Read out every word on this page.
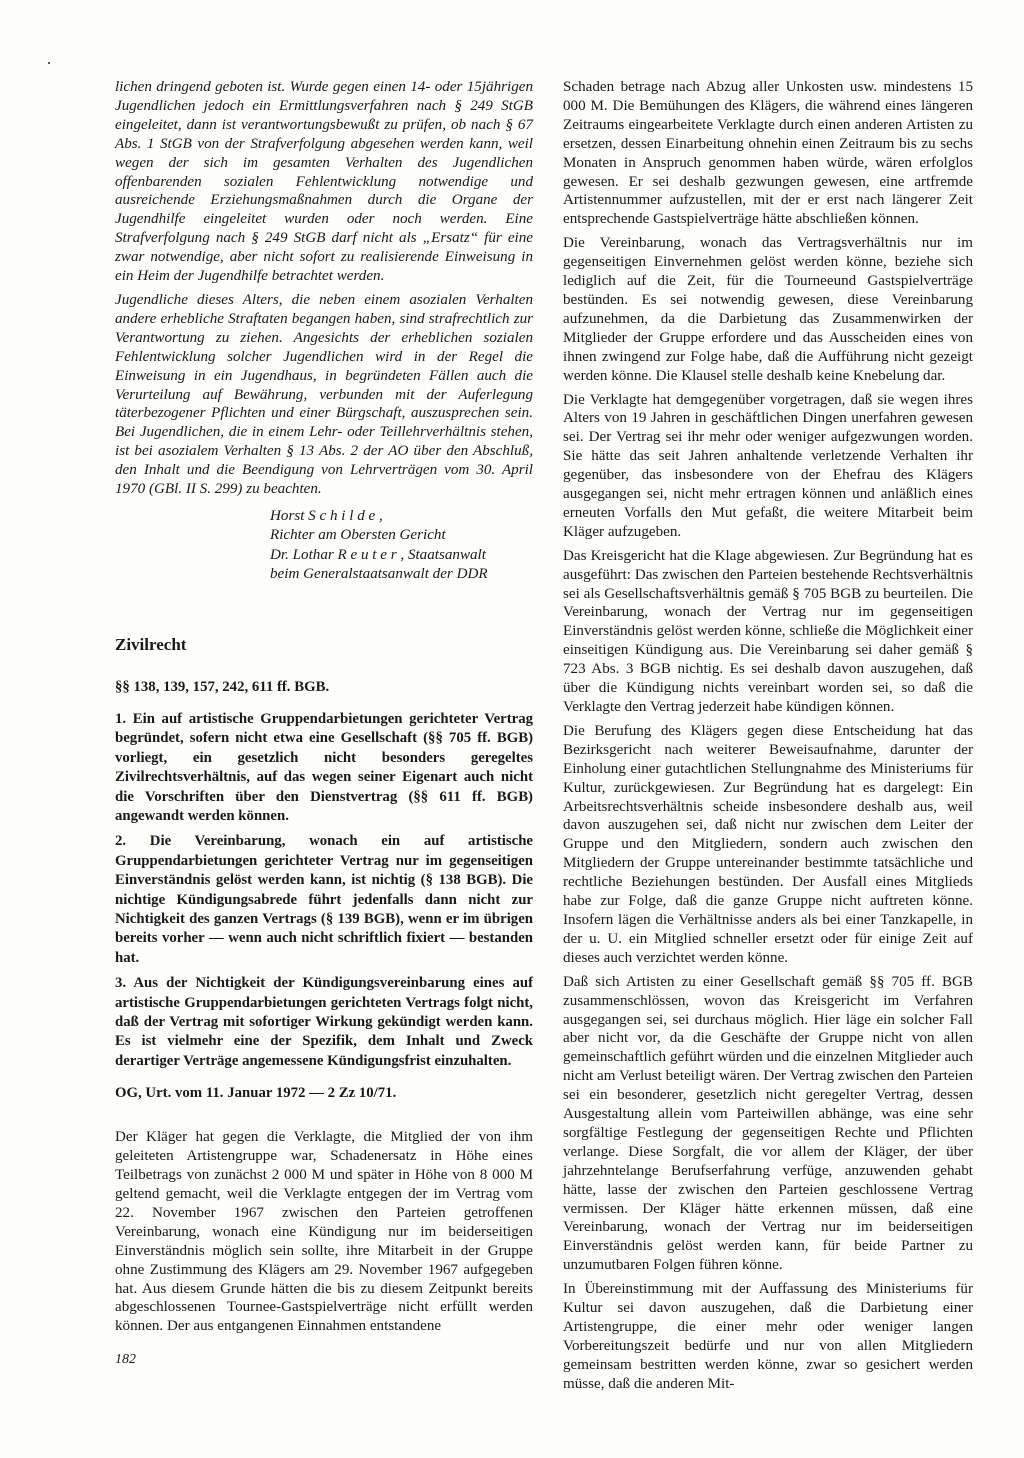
lichen dringend geboten ist. Wurde gegen einen 14- oder 15jährigen Jugendlichen jedoch ein Ermittlungsverfahren nach § 249 StGB eingeleitet, dann ist verantwortungsbewußt zu prüfen, ob nach § 67 Abs. 1 StGB von der Strafverfolgung abgesehen werden kann, weil wegen der sich im gesamten Verhalten des Jugendlichen offenbarenden sozialen Fehlentwicklung notwendige und ausreichende Erziehungsmaßnahmen durch die Organe der Jugendhilfe eingeleitet wurden oder noch werden. Eine Strafverfolgung nach § 249 StGB darf nicht als „Ersatz“ für eine zwar notwendige, aber nicht sofort zu realisierende Einweisung in ein Heim der Jugendhilfe betrachtet werden.

Jugendliche dieses Alters, die neben einem asozialen Verhalten andere erhebliche Straftaten begangen haben, sind strafrechtlich zur Verantwortung zu ziehen. Angesichts der erheblichen sozialen Fehlentwicklung solcher Jugendlichen wird in der Regel die Einweisung in ein Jugendhaus, in begründeten Fällen auch die Verurteilung auf Bewährung, verbunden mit der Auferlegung täterbezogener Pflichten und einer Bürgschaft, auszusprechen sein. Bei Jugendlichen, die in einem Lehr- oder Teillehrverhältnis stehen, ist bei asozialem Verhalten § 13 Abs. 2 der AO über den Abschluß, den Inhalt und die Beendigung von Lehrverträgen vom 30. April 1970 (GBl. II S. 299) zu beachten.

Horst S c h i l d e ,
Richter am Obersten Gericht
Dr. Lothar R e u t e r , Staatsanwalt
beim Generalstaatsanwalt der DDR
Zivilrecht
§§ 138, 139, 157, 242, 611 ff. BGB.

1. Ein auf artistische Gruppendarbietungen gerichteter Vertrag begründet, sofern nicht etwa eine Gesellschaft (§§ 705 ff. BGB) vorliegt, ein gesetzlich nicht besonders geregeltes Zivilrechtsverhältnis, auf das wegen seiner Eigenart auch nicht die Vorschriften über den Dienstvertrag (§§ 611 ff. BGB) angewandt werden können.

2. Die Vereinbarung, wonach ein auf artistische Gruppendarbietungen gerichteter Vertrag nur im gegenseitigen Einverständnis gelöst werden kann, ist nichtig (§ 138 BGB). Die nichtige Kündigungsabrede führt jedenfalls dann nicht zur Nichtigkeit des ganzen Vertrags (§ 139 BGB), wenn er im übrigen bereits vorher — wenn auch nicht schriftlich fixiert — bestanden hat.

3. Aus der Nichtigkeit der Kündigungsvereinbarung eines auf artistische Gruppendarbietungen gerichteten Vertrags folgt nicht, daß der Vertrag mit sofortiger Wirkung gekündigt werden kann. Es ist vielmehr eine der Spezifik, dem Inhalt und Zweck derartiger Verträge angemessene Kündigungsfrist einzuhalten.

OG, Urt. vom 11. Januar 1972 — 2 Zz 10/71.

Der Kläger hat gegen die Verklagte, die Mitglied der von ihm geleiteten Artistengruppe war, Schadenersatz in Höhe eines Teilbetrags von zunächst 2 000 M und später in Höhe von 8 000 M geltend gemacht, weil die Verklagte entgegen der im Vertrag vom 22. November 1967 zwischen den Parteien getroffenen Vereinbarung, wonach eine Kündigung nur im beiderseitigen Einverständnis möglich sein sollte, ihre Mitarbeit in der Gruppe ohne Zustimmung des Klägers am 29. November 1967 aufgegeben hat. Aus diesem Grunde hätten die bis zu diesem Zeitpunkt bereits abgeschlossenen Tournee-Gastspielverträge nicht erfüllt werden können. Der aus entgangenen Einnahmen entstandene

Schaden betrage nach Abzug aller Unkosten usw. mindestens 15 000 M. Die Bemühungen des Klägers, die während eines längeren Zeitraums eingearbeitete Verklagte durch einen anderen Artisten zu ersetzen, dessen Einarbeitung ohnehin einen Zeitraum bis zu sechs Monaten in Anspruch genommen haben würde, wären erfolglos gewesen. Er sei deshalb gezwungen gewesen, eine artfremde Artistennummer aufzustellen, mit der er erst nach längerer Zeit entsprechende Gastspielverträge hätte abschließen können.

Die Vereinbarung, wonach das Vertragsverhältnis nur im gegenseitigen Einvernehmen gelöst werden könne, beziehe sich lediglich auf die Zeit, für die Tourneeund Gastspielverträge bestünden. Es sei notwendig gewesen, diese Vereinbarung aufzunehmen, da die Darbietung das Zusammenwirken der Mitglieder der Gruppe erfordere und das Ausscheiden eines von ihnen zwingend zur Folge habe, daß die Aufführung nicht gezeigt werden könne. Die Klausel stelle deshalb keine Knebelung dar.

Die Verklagte hat demgegenüber vorgetragen, daß sie wegen ihres Alters von 19 Jahren in geschäftlichen Dingen unerfahren gewesen sei. Der Vertrag sei ihr mehr oder weniger aufgezwungen worden. Sie hätte das seit Jahren anhaltende verletzende Verhalten ihr gegenüber, das insbesondere von der Ehefrau des Klägers ausgegangen sei, nicht mehr ertragen können und anläßlich eines erneuten Vorfalls den Mut gefaßt, die weitere Mitarbeit beim Kläger aufzugeben.

Das Kreisgericht hat die Klage abgewiesen. Zur Begründung hat es ausgeführt: Das zwischen den Parteien bestehende Rechtsverhältnis sei als Gesellschaftsverhältnis gemäß § 705 BGB zu beurteilen. Die Vereinbarung, wonach der Vertrag nur im gegenseitigen Einverständnis gelöst werden könne, schließe die Möglichkeit einer einseitigen Kündigung aus. Die Vereinbarung sei daher gemäß § 723 Abs. 3 BGB nichtig. Es sei deshalb davon auszugehen, daß über die Kündigung nichts vereinbart worden sei, so daß die Verklagte den Vertrag jederzeit habe kündigen können.

Die Berufung des Klägers gegen diese Entscheidung hat das Bezirksgericht nach weiterer Beweisaufnahme, darunter der Einholung einer gutachtlichen Stellungnahme des Ministeriums für Kultur, zurückgewiesen. Zur Begründung hat es dargelegt: Ein Arbeitsrechtsverhältnis scheide insbesondere deshalb aus, weil davon auszugehen sei, daß nicht nur zwischen dem Leiter der Gruppe und den Mitgliedern, sondern auch zwischen den Mitgliedern der Gruppe untereinander bestimmte tatsächliche und rechtliche Beziehungen bestünden. Der Ausfall eines Mitglieds habe zur Folge, daß die ganze Gruppe nicht auftreten könne. Insofern lägen die Verhältnisse anders als bei einer Tanzkapelle, in der u. U. ein Mitglied schneller ersetzt oder für einige Zeit auf dieses auch verzichtet werden könne.

Daß sich Artisten zu einer Gesellschaft gemäß §§ 705 ff. BGB zusammenschlössen, wovon das Kreisgericht im Verfahren ausgegangen sei, sei durchaus möglich. Hier läge ein solcher Fall aber nicht vor, da die Geschäfte der Gruppe nicht von allen gemeinschaftlich geführt würden und die einzelnen Mitglieder auch nicht am Verlust beteiligt wären. Der Vertrag zwischen den Parteien sei ein besonderer, gesetzlich nicht geregelter Vertrag, dessen Ausgestaltung allein vom Parteiwillen abhänge, was eine sehr sorgfältige Festlegung der gegenseitigen Rechte und Pflichten verlange. Diese Sorgfalt, die vor allem der Kläger, der über jahrzehntelange Berufserfahrung verfüge, anzuwenden gehabt hätte, lasse der zwischen den Parteien geschlossene Vertrag vermissen. Der Kläger hätte erkennen müssen, daß eine Vereinbarung, wonach der Vertrag nur im beiderseitigen Einverständnis gelöst werden kann, für beide Partner zu unzumutbaren Folgen führen könne.

In Übereinstimmung mit der Auffassung des Ministeriums für Kultur sei davon auszugehen, daß die Darbietung einer Artistengruppe, die einer mehr oder weniger langen Vorbereitungszeit bedürfe und nur von allen Mitgliedern gemeinsam bestritten werden könne, zwar so gesichert werden müsse, daß die anderen Mit-

182
